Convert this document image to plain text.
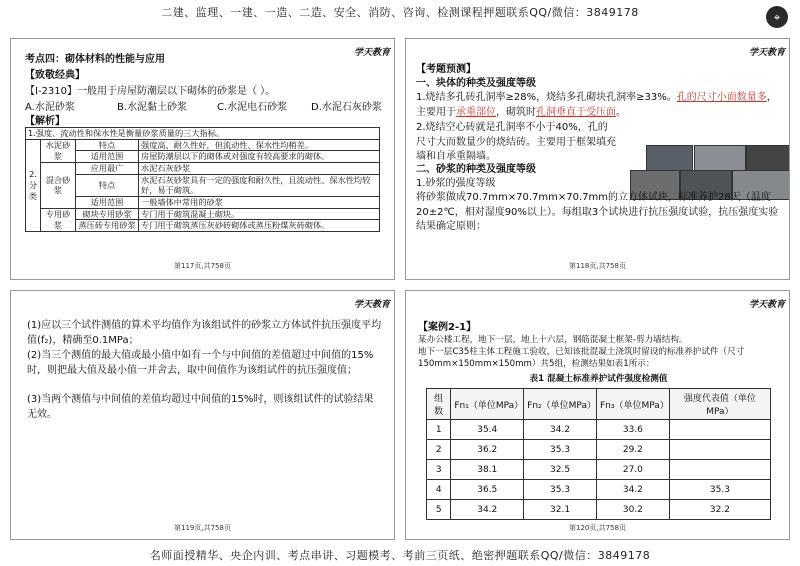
二建、监理、一建、一造、二造、安全、消防、咨询、检测课程押题联系QQ/微信：3849178	⌖
学天教育
考点四：砌体材料的性能与应用
【致敬经典】
【Ⅰ-2310】一般用于房屋防潮层以下砌体的砂浆是（ ）。
A.水泥砂浆	B.水泥黏土砂浆	C.水泥电石砂浆 D.水泥石灰砂浆
【解析】
1.强度、流动性和保水性是衡量砂浆质量的三大指标。			
2.分类	水泥砂浆	特点	强度高、耐久性好，但流动性、保水性均稍差。
		适用范围	房屋防潮层以下的砌体或对强度有较高要求的砌体。
	混合砂浆	应用最广	水泥石灰砂浆
		特点	水泥石灰砂浆具有一定的强度和耐久性，且流动性、保水性均较好，易于砌筑。
		适用范围	一般墙体中常用的砂浆
	专用砂浆	砌块专用砂浆	专门用于砌筑混凝土砌块。
		蒸压砖专用砂浆	专门用于砌筑蒸压灰砂砖砌体或蒸压粉煤灰砖砌体。
第117页,共758页
学天教育
【考题预测】
一、块体的种类及强度等级
1.烧结多孔砖孔洞率≥28%，烧结多孔砌块孔洞率≥33%。孔的尺寸小而数量多，主要用于承重部位，砌筑时孔洞垂直于受压面。
2.烧结空心砖就是孔洞率不小于40%，孔的尺寸大而数量少的烧结砖。主要用于框架填充墙和自承重隔墙。
二、砂浆的种类及强度等级
1.砂浆的强度等级
将砂浆做成70.7mm×70.7mm×70.7mm的立方体试块，标准养护28天（温度20±2℃，相对湿度90%以上）。每组取3个试块进行抗压强度试验，抗压强度实验结果确定原则：
第118页,共758页
学天教育
(1)应以三个试件测值的算术平均值作为该组试件的砂浆立方体试件抗压强度平均值(f₂)，精确至0.1MPa；
(2)当三个测值的最大值或最小值中如有一个与中间值的差值超过中间值的15%时，则把最大值及最小值一并舍去，取中间值作为该组试件的抗压强度值；
(3)当两个测值与中间值的差值均超过中间值的15%时，则该组试件的试验结果无效。
第119页,共758页
学天教育
【案例2-1】
某办公楼工程，地下一层，地上十六层，钢筋混凝土框架-剪力墙结构。
地下一层C35柱主体工程施工验收，已知该批混凝土浇筑时留设的标准养护试件（尺寸150mm×150mm×150mm）共5组，检测结果如表1所示：
表1 混凝土标准养护试件强度检测值
组数	Fn₁（单位MPa）	Fn₂（单位MPa）	Fn₃（单位MPa）	强度代表值（单位MPa）
1	35.4	34.2	33.6	
2	36.2	35.3	29.2	
3	38.1	32.5	27.0	
4	36.5	35.3	34.2	35.3
5	34.2	32.1	30.2	32.2
第120页,共758页
名师面授精华、央企内训、考点串讲、习题模考、考前三页纸、绝密押题联系QQ/微信：3849178
